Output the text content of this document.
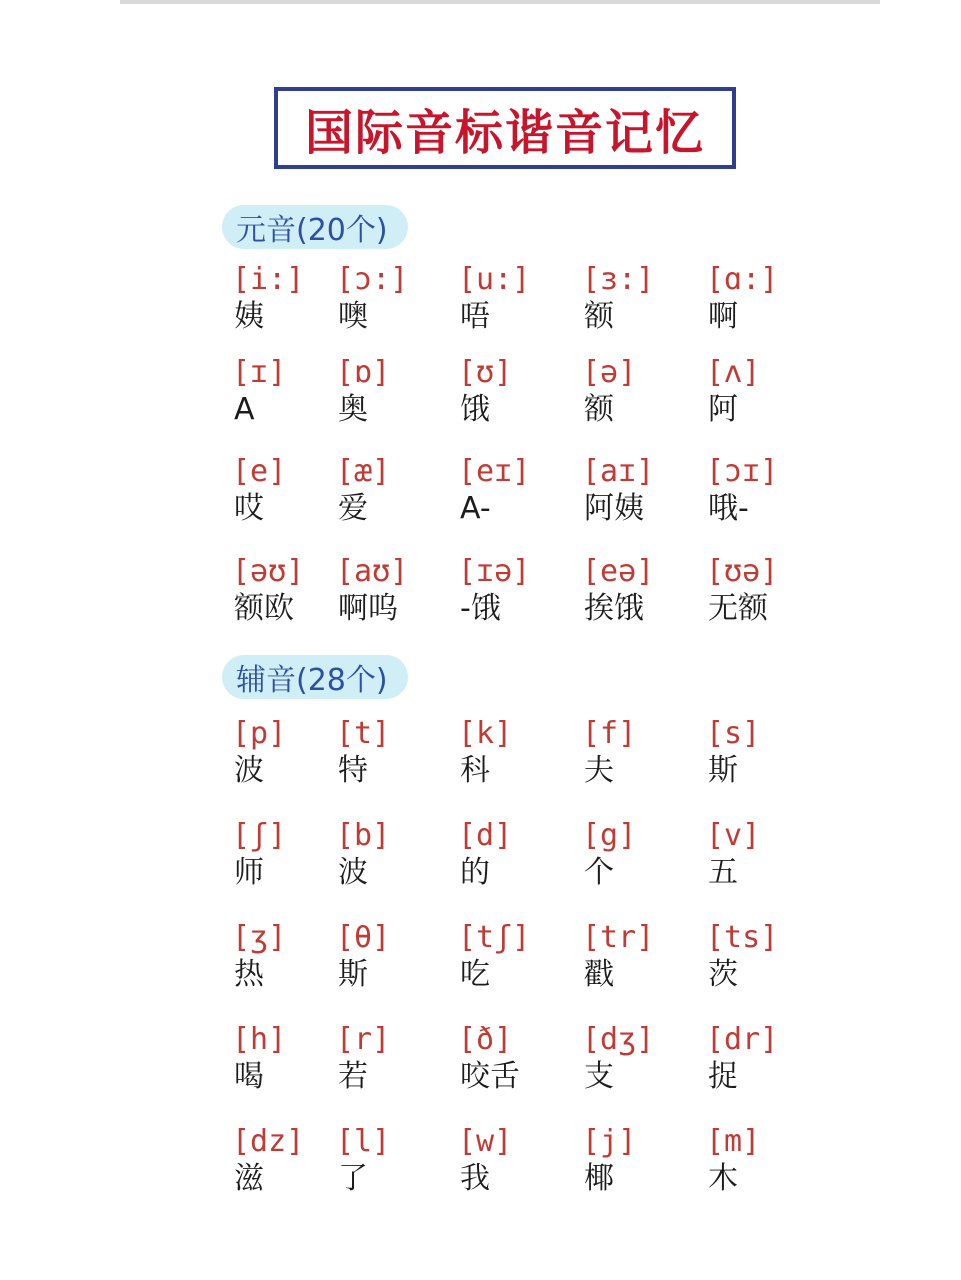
国际音标谐音记忆
元音(20个)
辅音(28个)
[i:]
姨
[ɔ:]
噢
[u:]
唔
[ɜ:]
额
[ɑ:]
啊
[ɪ]
A
[ɒ]
奥
[ʊ]
饿
[ə]
额
[ʌ]
阿
[e]
哎
[æ]
爱
[eɪ]
A-
[aɪ]
阿姨
[ɔɪ]
哦-
[əʊ]
额欧
[aʊ]
啊呜
[ɪə]
-饿
[eə]
挨饿
[ʊə]
无额
[p]
波
[t]
特
[k]
科
[f]
夫
[s]
斯
[ʃ]
师
[b]
波
[d]
的
[g]
个
[v]
五
[ʒ]
热
[θ]
斯
[tʃ]
吃
[tr]
戳
[ts]
茨
[h]
喝
[r]
若
[ð]
咬舌
[dʒ]
支
[dr]
捉
[dz]
滋
[l]
了
[w]
我
[j]
椰
[m]
木
